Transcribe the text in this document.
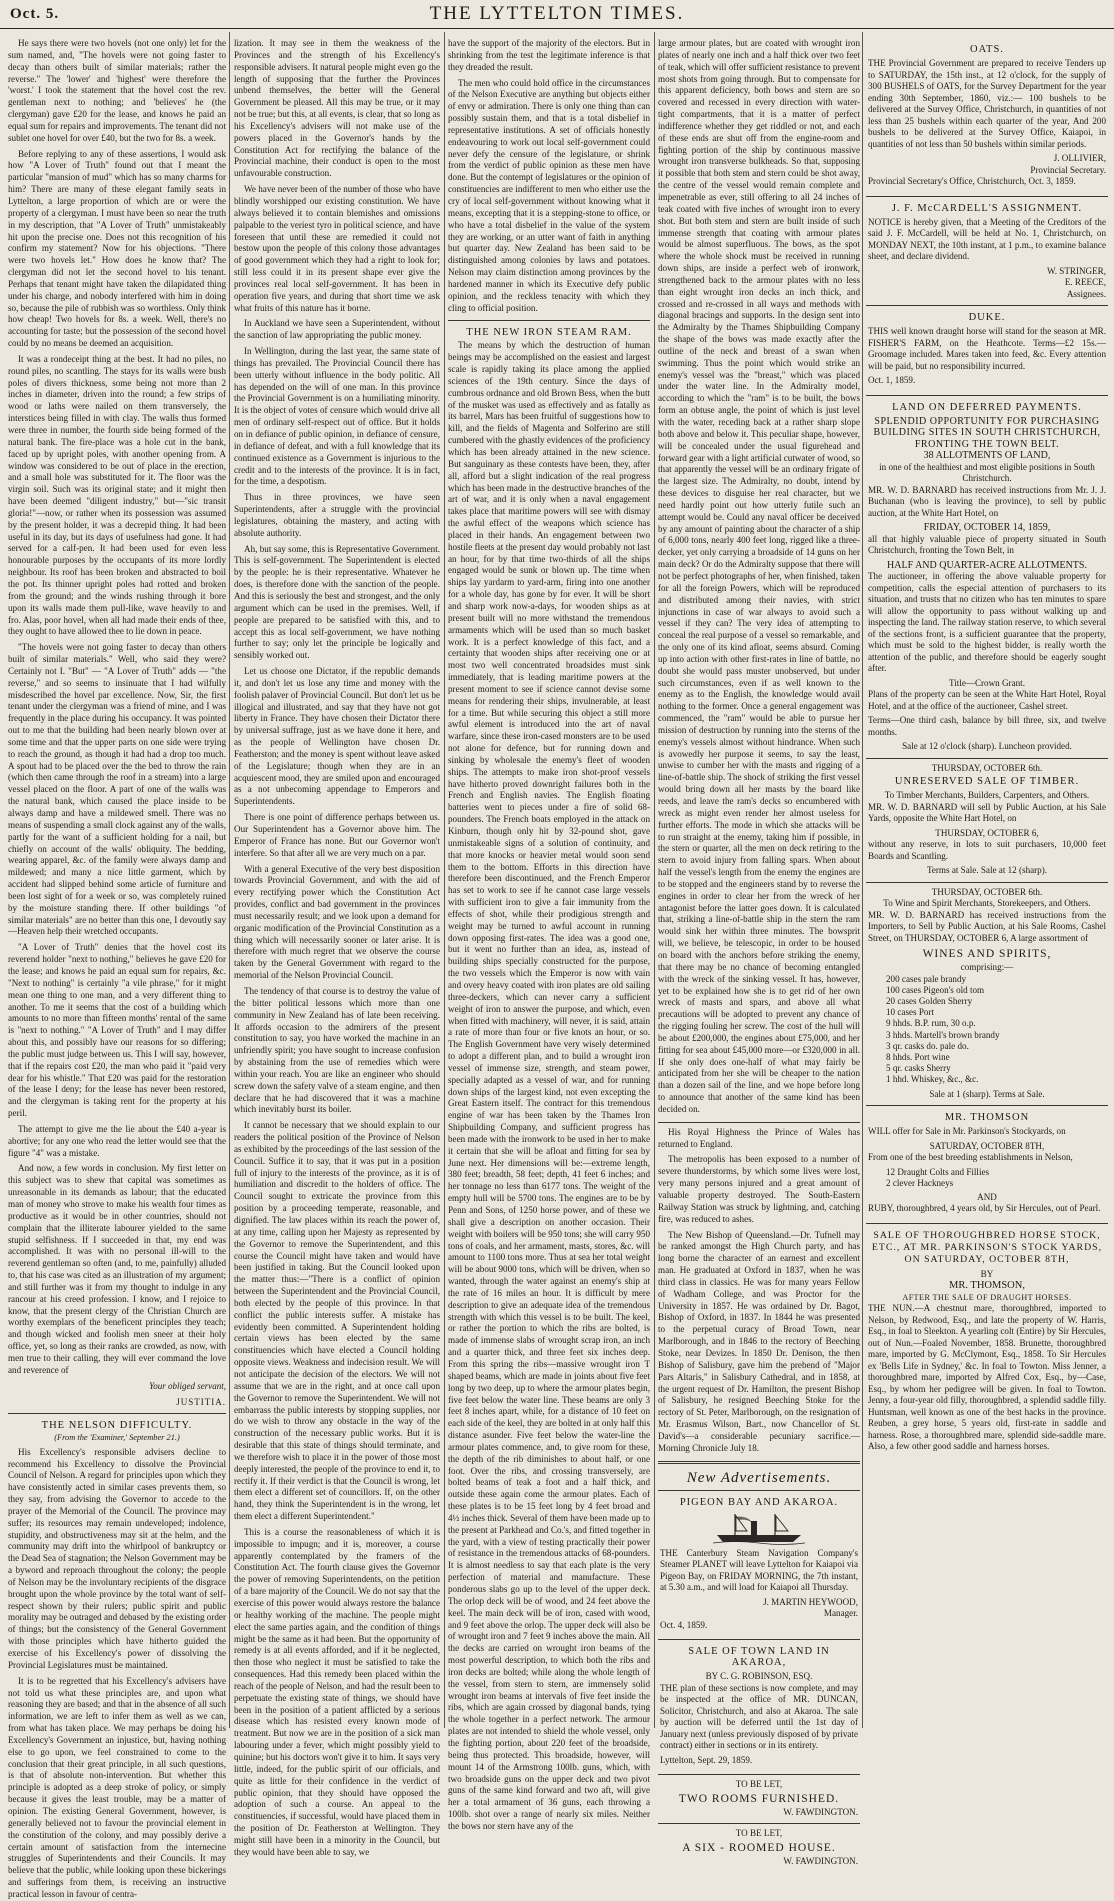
Oct. 5.	THE LYTTELTON TIMES.

He says there were two hovels (not one only) let for the sum named, and, "The hovels were not going faster to decay than others built of similar materials; rather the reverse." The 'lower' and 'highest' were therefore the 'worst.' I took the statement that the hovel cost the rev. gentleman next to nothing; and 'believes' he (the clergyman) gave £20 for the lease, and knows he paid an equal sum for repairs and improvements. The tenant did not sublet one hovel for over £40, but the two for 8s. a week.

Before replying to any of these assertions, I would ask how "A Lover of Truth" found out that I meant the particular "mansion of mud" which has so many charms for him? There are many of these elegant family seats in Lyttelton, a large proportion of which are or were the property of a clergyman. I must have been so near the truth in my description, that "A Lover of Truth" unmistakeably hit upon the precise one. Does not this recognition of his confirm my statement? Now for his objections. "There were two hovels let." How does he know that? The clergyman did not let the second hovel to his tenant. Perhaps that tenant might have taken the dilapidated thing under his charge, and nobody interfered with him in doing so, because the pile of rubbish was so worthless. Only think how cheap! Two hovels for 8s. a week. Well, there's no accounting for taste; but the possession of the second hovel could by no means be deemed an acquisition.

It was a rondeceipt thing at the best. It had no piles, no round piles, no scantling. The stays for its walls were bush poles of divers thickness, some being not more than 2 inches in diameter, driven into the round; a few strips of wood or laths were nailed on them transversely, the interstices being filled in with clay. The walls thus formed were three in number, the fourth side being formed of the natural bank. The fire-place was a hole cut in the bank, faced up by upright poles, with another opening from. A window was considered to be out of place in the erection, and a small hole was substituted for it. The floor was the virgin soil. Such was its original state; and it might then have been deemed "diligent industry," but—"sic transit gloria!"—now, or rather when its possession was assumed by the present holder, it was a decrepid thing. It had been useful in its day, but its days of usefulness had gone. It had served for a calf-pen. It had been used for even less honourable purposes by the occupants of its more lordly neighbour. Its roof has been broken and abstracted to boil the pot. Its thinner upright poles had rotted and broken from the ground; and the winds rushing through it bore upon its walls made them pull-like, wave heavily to and fro. Alas, poor hovel, when all had made their ends of thee, they ought to have allowed thee to lie down in peace.

"The hovels were not going faster to decay than others built of similar materials." Well, who said they were? Certainly not I. "But" — "A Lover of Truth" adds — "the reverse," and so seems to insinuate that I had wilfully misdescribed the hovel par excellence. Now, Sir, the first tenant under the clergyman was a friend of mine, and I was frequently in the place during his occupancy. It was pointed out to me that the building had been nearly blown over at some time and that the upper parts on one side were trying to reach the ground, as though it had had a drop too much. A spout had to be placed over the the bed to throw the rain (which then came through the roof in a stream) into a large vessel placed on the floor. A part of one of the walls was the natural bank, which caused the place inside to be always damp and have a mildewed smell. There was no means of suspending a small clock against any of the walls, partly for the want of a sufficient holding for a nail, but chiefly on account of the walls' obliquity. The bedding, wearing apparel, &c. of the family were always damp and mildewed; and many a nice little garment, which by accident had slipped behind some article of furniture and been lost sight of for a week or so, was completely ruined by the moisture standing there. If other buildings "of similar materials" are no better than this one, I devoutly say—Heaven help their wretched occupants.

"A Lover of Truth" denies that the hovel cost its reverend holder "next to nothing," believes he gave £20 for the lease; and knows he paid an equal sum for repairs, &c. "Next to nothing" is certainly "a vile phrase," for it might mean one thing to one man, and a very different thing to another. To me it seems that the cost of a building which amounts to no more than fifteen months' rental of the same is "next to nothing." "A Lover of Truth" and I may differ about this, and possibly have our reasons for so differing; the public must judge between us. This I will say, however, that if the repairs cost £20, the man who paid it "paid very dear for his whistle." That £20 was paid for the restoration of the lease I deny; for the lease has never been restored, and the clergyman is taking rent for the property at his peril.

The attempt to give me the lie about the £40 a-year is abortive; for any one who read the letter would see that the figure "4" was a mistake.

And now, a few words in conclusion. My first letter on this subject was to shew that capital was sometimes as unreasonable in its demands as labour; that the educated man of money who strove to make his wealth four times as productive as it would be in other countries, should not complain that the illiterate labourer yielded to the same stupid selfishness. If I succeeded in that, my end was accomplished. It was with no personal ill-will to the reverend gentleman so often (and, to me, painfully) alluded to, that his case was cited as an illustration of my argument; and still further was it from my thought to indulge in any rancour at his creed profession. I know, and I rejoice to know, that the present clergy of the Christian Church are worthy exemplars of the beneficent principles they teach; and though wicked and foolish men sneer at their holy office, yet, so long as their ranks are crowded, as now, with men true to their calling, they will ever command the love and reverence of

Your obliged servant,
JUSTITIA.
THE NELSON DIFFICULTY.
(From the 'Examiner,' September 21.)

His Excellency's responsible advisers decline to recommend his Excellency to dissolve the Provincial Council of Nelson. A regard for principles upon which they have consistently acted in similar cases prevents them, so they say, from advising the Governor to accede to the prayer of the Memorial of the Council. The province may suffer; its resources may remain undeveloped; indolence, stupidity, and obstructiveness may sit at the helm, and the community may drift into the whirlpool of bankruptcy or the Dead Sea of stagnation; the Nelson Government may be a byword and reproach throughout the colony; the people of Nelson may be the involuntary recipients of the disgrace brought upon the whole province by the total want of self-respect shown by their rulers; public spirit and public morality may be outraged and debased by the existing order of things; but the consistency of the General Government with those principles which have hitherto guided the exercise of his Excellency's power of dissolving the Provincial Legislatures must be maintained.

It is to be regretted that his Excellency's advisers have not told us what these principles are, and upon what reasoning they are based; and that in the absence of all such information, we are left to infer them as well as we can, from what has taken place. We may perhaps be doing his Excellency's Government an injustice, but, having nothing else to go upon, we feel constrained to come to the conclusion that their great principle, in all such questions, is that of absolute non-intervention. But whether this principle is adopted as a deep stroke of policy, or simply because it gives the least trouble, may be a matter of opinion. The existing General Government, however, is generally believed not to favour the provincial element in the constitution of the colony, and may possibly derive a certain amount of satisfaction from the internecine struggles of Superintendents and their Councils. It may believe that the public, while looking upon these bickerings and sufferings from them, is receiving an instructive practical lesson in favour of centra-

lization. It may see in them the weakness of the Provinces and the strength of his Excellency's responsible advisers. It natural people might even go the length of supposing that the further the Provinces unbend themselves, the better will the General Government be pleased. All this may be true, or it may not be true; but this, at all events, is clear, that so long as his Excellency's advisers will not make use of the powers placed in the Governor's hands by the Constitution Act for rectifying the balance of the Provincial machine, their conduct is open to the most unfavourable construction.

We have never been of the number of those who have blindly worshipped our existing constitution. We have always believed it to contain blemishes and omissions palpable to the veriest tyro in political science, and have foreseen that until these are remedied it could not bestow upon the people of this colony those advantages of good government which they had a right to look for; still less could it in its present shape ever give the provinces real local self-government. It has been in operation five years, and during that short time we ask what fruits of this nature has it borne.

In Auckland we have seen a Superintendent, without the sanction of law appropriating the public money.

In Wellington, during the last year, the same state of things has prevailed. The Provincial Council there has been utterly without influence in the body politic. All has depended on the will of one man. In this province the Provincial Government is on a humiliating minority. It is the object of votes of censure which would drive all men of ordinary self-respect out of office. But it holds on in defiance of public opinion, in defiance of censure, in defiance of defeat, and with a full knowledge that its continued existence as a Government is injurious to the credit and to the interests of the province. It is in fact, for the time, a despotism.

Thus in three provinces, we have seen Superintendents, after a struggle with the provincial legislatures, obtaining the mastery, and acting with absolute authority.

Ah, but say some, this is Representative Government. This is self-government. The Superintendent is elected by the people: he is their representative. Whatever he does, is therefore done with the sanction of the people. And this is seriously the best and strongest, and the only argument which can be used in the premises. Well, if people are prepared to be satisfied with this, and to accept this as local self-government, we have nothing further to say; only let the principle be logically and sensibly worked out.

Let us choose one Dictator, if the republic demands it, and don't let us lose any time and money with the foolish palaver of Provincial Council. But don't let us be illogical and illustrated, and say that they have not got liberty in France. They have chosen their Dictator there by universal suffrage, just as we have done it here, and as the people of Wellington have chosen Dr. Featherston; and the money is spent without leave asked of the Legislature; though when they are in an acquiescent mood, they are smiled upon and encouraged as a not unbecoming appendage to Emperors and Superintendents.

There is one point of difference perhaps between us. Our Superintendent has a Governor above him. The Emperor of France has none. But our Governor won't interfere. So that after all we are very much on a par.

With a general Executive of the very best disposition towards Provincial Government, and with the aid of every rectifying power which the Constitution Act provides, conflict and bad government in the provinces must necessarily result; and we look upon a demand for organic modification of the Provincial Constitution as a thing which will necessarily sooner or later arise. It is therefore with much regret that we observe the course taken by the General Government with regard to the memorial of the Nelson Provincial Council.

The tendency of that course is to destroy the value of the bitter political lessons which more than one community in New Zealand has of late been receiving. It affords occasion to the admirers of the present constitution to say, you have worked the machine in an unfriendly spirit; you have sought to increase confusion by abstaining from the use of remedies which were within your reach. You are like an engineer who should screw down the safety valve of a steam engine, and then declare that he had discovered that it was a machine which inevitably burst its boiler.

It cannot be necessary that we should explain to our readers the political position of the Province of Nelson as exhibited by the proceedings of the last session of the Council. Suffice it to say, that it was put in a position full of injury to the interests of the province, as it is of humiliation and discredit to the holders of office. The Council sought to extricate the province from this position by a proceeding temperate, reasonable, and dignified. The law places within its reach the power of, at any time, calling upon her Majesty as represented by the Governor to remove the Superintendent, and this course the Council might have taken and would have been justified in taking. But the Council looked upon the matter thus:—"There is a conflict of opinion between the Superintendent and the Provincial Council, both elected by the people of this province. In that conflict the public interests suffer. A mistake has evidently been committed. A Superintendent holding certain views has been elected by the same constituencies which have elected a Council holding opposite views. Weakness and indecision result. We will not anticipate the decision of the electors. We will not assume that we are in the right, and at once call upon the Governor to remove the Superintendent. We will not embarrass the public interests by stopping supplies, nor do we wish to throw any obstacle in the way of the construction of the necessary public works. But it is desirable that this state of things should terminate, and we therefore wish to place it in the power of those most deeply interested, the people of the province to end it, to rectify it. If their verdict is that the Council is wrong, let them elect a different set of councillors. If, on the other hand, they think the Superintendent is in the wrong, let them elect a different Superintendent."

This is a course the reasonableness of which it is impossible to impugn; and it is, moreover, a course apparently contemplated by the framers of the Constitution Act. The fourth clause gives the Governor the power of removing Superintendents, on the petition of a bare majority of the Council. We do not say that the exercise of this power would always restore the balance or healthy working of the machine. The people might elect the same parties again, and the condition of things might be the same as it had been. But the opportunity of remedy is at all events afforded, and if it be neglected, then those who neglect it must be satisfied to take the consequences. Had this remedy been placed within the reach of the people of Nelson, and had the result been to perpetuate the existing state of things, we should have been in the position of a patient afflicted by a serious disease which has resisted every known mode of treatment. But now we are in the position of a sick man labouring under a fever, which might possibly yield to quinine; but his doctors won't give it to him. It says very little, indeed, for the public spirit of our officials, and quite as little for their confidence in the verdict of public opinion, that they should have opposed the adoption of such a course. An appeal to the constituencies, if successful, would have placed them in the position of Dr. Featherston at Wellington. They might still have been in a minority in the Council, but they would have been able to say, we

have the support of the majority of the electors. But in shrinking from the test the legitimate inference is that they dreaded the result.

The men who could hold office in the circumstances of the Nelson Executive are anything but objects either of envy or admiration. There is only one thing than can possibly sustain them, and that is a total disbelief in representative institutions. A set of officials honestly endeavouring to work out local self-government could never defy the censure of the legislature, or shrink from the verdict of public opinion as these men have done. But the contempt of legislatures or the opinion of constituencies are indifferent to men who either use the cry of local self-government without knowing what it means, excepting that it is a stepping-stone to office, or who have a total disbelief in the value of the system they are working, or an utter want of faith in anything but quarter day. New Zealand has been said to be distinguished among colonies by laws and potatoes. Nelson may claim distinction among provinces by the hardened manner in which its Executive defy public opinion, and the reckless tenacity with which they cling to official position.

THE NEW IRON STEAM RAM.

The means by which the destruction of human beings may be accomplished on the easiest and largest scale is rapidly taking its place among the applied sciences of the 19th century. Since the days of cumbrous ordnance and old Brown Bess, when the butt of the musket was used as effectively and as fatally as its barrel, Mars has been fruitful of suggestions how to kill, and the fields of Magenta and Solferino are still cumbered with the ghastly evidences of the proficiency which has been already attained in the new science. But sanguinary as these contests have been, they, after all, afford but a slight indication of the real progress which has been made in the destructive branches of the art of war, and it is only when a naval engagement takes place that maritime powers will see with dismay the awful effect of the weapons which science has placed in their hands. An engagement between two hostile fleets at the present day would probably not last an hour, for by that time two-thirds of all the ships engaged would be sunk or blown up. The time when ships lay yardarm to yard-arm, firing into one another for a whole day, has gone by for ever. It will be short and sharp work now-a-days, for wooden ships as at present built will no more withstand the tremendous armaments which will be used than so much basket work. It is a perfect knowledge of this fact, and a certainty that wooden ships after receiving one or at most two well concentrated broadsides must sink immediately, that is leading maritime powers at the present moment to see if science cannot devise some means for rendering their ships, invulnerable, at least for a time. But while securing this object a still more awful element is introduced into the art of naval warfare, since these iron-cased monsters are to be used not alone for defence, but for running down and sinking by wholesale the enemy's fleet of wooden ships. The attempts to make iron shot-proof vessels have hitherto proved downright failures both in the French and English navies. The English floating batteries went to pieces under a fire of solid 68-pounders. The French boats employed in the attack on Kinburn, though only hit by 32-pound shot, gave unmistakeable signs of a solution of continuity, and that more knocks or heavier metal would soon send them to the bottom. Efforts in this direction have therefore been discontinued, and the French Emperor has set to work to see if he cannot case large vessels with sufficient iron to give a fair immunity from the effects of shot, while their prodigious strength and weight may be turned to awful account in running down opposing first-rates. The idea was a good one, but it went no further than an idea, as, instead of building ships specially constructed for the purpose, the two vessels which the Emperor is now with vain and overy heavy coated with iron plates are old sailing three-deckers, which can never carry a sufficient weight of iron to answer the purpose, and which, even when fitted with machinery, will never, it is said, attain a rate of more than four or five knots an hour, or so. The English Government have very wisely determined to adopt a different plan, and to build a wrought iron vessel of immense size, strength, and steam power, specially adapted as a vessel of war, and for running down ships of the largest kind, not even excepting the Great Eastern itself. The contract for this tremendous engine of war has been taken by the Thames Iron Shipbuilding Company, and sufficient progress has been made with the ironwork to be used in her to make it certain that she will be afloat and fitting for sea by June next. Her dimensions will be:—extreme length, 380 feet; breadth, 58 feet; depth, 41 feet 6 inches; and her tonnage no less than 6177 tons. The weight of the empty hull will be 5700 tons. The engines are to be by Penn and Sons, of 1250 horse power, and of these we shall give a description on another occasion. Their weight with boilers will be 950 tons; she will carry 950 tons of coals, and her armament, masts, stores, &c. will amount to 1100 tons more. Thus at sea her total weight will be about 9000 tons, which will be driven, when so wanted, through the water against an enemy's ship at the rate of 16 miles an hour. It is difficult by mere description to give an adequate idea of the tremendous strength with which this vessel is to be built. The keel, or rather the portion to which the ribs are bolted, is made of immense slabs of wrought scrap iron, an inch and a quarter thick, and three feet six inches deep. From this spring the ribs—massive wrought iron T shaped beams, which are made in joints about five feet long by two deep, up to where the armour plates begin, five feet below the water line. These beams are only 3 feet 8 inches apart, while, for a distance of 10 feet on each side of the keel, they are bolted in at only half this distance asunder. Five feet below the water-line the armour plates commence, and, to give room for these, the depth of the rib diminishes to about half, or one foot. Over the ribs, and crossing transversely, are bolted beams of teak a foot and a half thick, and outside these again come the armour plates. Each of these plates is to be 15 feet long by 4 feet broad and 4½ inches thick. Several of them have been made up to the present at Parkhead and Co.'s, and fitted together in the yard, with a view of testing practically their power of resistance in the tremendous attacks of 68-pounders. It is almost needless to say that each plate is the very perfection of material and manufacture. These ponderous slabs go up to the level of the upper deck. The orlop deck will be of wood, and 24 feet above the keel. The main deck will be of iron, cased with wood, and 9 feet above the orlop. The upper deck will also be of wrought iron and 7 feet 9 inches above the main. All the decks are carried on wrought iron beams of the most powerful description, to which both the ribs and iron decks are bolted; while along the whole length of the vessel, from stern to stern, are immensely solid wrought iron beams at intervals of five feet inside the ribs, which are again crossed by diagonal bands, tying the whole together in a perfect network. The armour plates are not intended to shield the whole vessel, only the fighting portion, about 220 feet of the broadside, being thus protected. This broadside, however, will mount 14 of the Armstrong 100lb. guns, which, with two broadside guns on the upper deck and two pivot guns of the same kind forward and two aft, will give her a total armament of 36 guns, each throwing a 100lb. shot over a range of nearly six miles. Neither the bows nor stern have any of the

large armour plates, but are coated with wrought iron plates of nearly one inch and a half thick over two feet of teak, which will offer sufficient resistance to prevent most shots from going through. But to compensate for this apparent deficiency, both bows and stern are so covered and recessed in every direction with water-tight compartments, that it is a matter of perfect indifference whether they get riddled or not, and each of these ends are shut off from the engine-room and fighting portion of the ship by continuous massive wrought iron transverse bulkheads. So that, supposing it possible that both stem and stern could be shot away, the centre of the vessel would remain complete and impenetrable as ever, still offering to all 24 inches of teak coated with five inches of wrought iron to every shot. But both stem and stern are built inside of such immense strength that coating with armour plates would be almost superfluous. The bows, as the spot where the whole shock must be received in running down ships, are inside a perfect web of ironwork, strengthened back to the armour plates with no less than eight wrought iron decks an inch thick, and crossed and re-crossed in all ways and methods with diagonal bracings and supports. In the design sent into the Admiralty by the Thames Shipbuilding Company the shape of the bows was made exactly after the outline of the neck and breast of a swan when swimming. Thus the point which would strike an enemy's vessel was the "breast," which was placed under the water line. In the Admiralty model, according to which the "ram" is to be built, the bows form an obtuse angle, the point of which is just level with the water, receding back at a rather sharp slope both above and below it. This peculiar shape, however, will be concealed under the usual figurehead and forward gear with a light artificial cutwater of wood, so that apparently the vessel will be an ordinary frigate of the largest size. The Admiralty, no doubt, intend by these devices to disguise her real character, but we need hardly point out how utterly futile such an attempt would be. Could any naval officer be deceived by any amount of painting about the character of a ship of 6,000 tons, nearly 400 feet long, rigged like a three-decker, yet only carrying a broadside of 14 guns on her main deck? Or do the Admiralty suppose that there will not be perfect photographs of her, when finished, taken for all the foreign Powers, which will be reproduced and distributed among their navies, with strict injunctions in case of war always to avoid such a vessel if they can? The very idea of attempting to conceal the real purpose of a vessel so remarkable, and the only one of its kind afloat, seems absurd. Coming up into action with other first-rates in line of battle, no doubt she would pass muster unobserved, but under such circumstances, even if as well known to the enemy as to the English, the knowledge would avail nothing to the former. Once a general engagement was commenced, the "ram" would be able to pursue her mission of destruction by running into the sterns of the enemy's vessels almost without hindrance. When such is avowedly her purpose it seems, to say the least, unwise to cumber her with the masts and rigging of a line-of-battle ship. The shock of striking the first vessel would bring down all her masts by the board like reeds, and leave the ram's decks so encumbered with wreck as might even render her almost useless for further efforts. The mode in which she attacks will be to run straight at the enemy, taking him if possible, in the stern or quarter, all the men on deck retiring to the stern to avoid injury from falling spars. When about half the vessel's length from the enemy the engines are to be stopped and the engineers stand by to reverse the engines in order to clear her from the wreck of her antagonist before the latter goes down. It is calculated that, striking a line-of-battle ship in the stern the ram would sink her within three minutes. The bowsprit will, we believe, be telescopic, in order to be housed on board with the anchors before striking the enemy, that there may be no chance of becoming entangled with the wreck of the sinking vessel. It has, however, yet to be explained how she is to get rid of her own wreck of masts and spars, and above all what precautions will be adopted to prevent any chance of the rigging fouling her screw. The cost of the hull will be about £200,000, the engines about £75,000, and her fitting for sea about £45,000 more—or £320,000 in all. If she only does one-half of what may fairly be anticipated from her she will be cheaper to the nation than a dozen sail of the line, and we hope before long to announce that another of the same kind has been decided on.

His Royal Highness the Prince of Wales has returned to England.

The metropolis has been exposed to a number of severe thunderstorms, by which some lives were lost, very many persons injured and a great amount of valuable property destroyed. The South-Eastern Railway Station was struck by lightning, and, catching fire, was reduced to ashes.

The New Bishop of Queensland.—Dr. Tufnell may be ranked amongst the High Church party, and has long borne the character of an earnest and excellent man. He graduated at Oxford in 1837, when he was third class in classics. He was for many years Fellow of Wadham College, and was Proctor for the University in 1857. He was ordained by Dr. Bagot, Bishop of Oxford, in 1837. In 1844 he was presented to the perpetual curacy of Broad Town, near Marlborough, and in 1846 to the rectory of Beeching Stoke, near Devizes. In 1850 Dr. Denison, the then Bishop of Salisbury, gave him the prebend of "Major Pars Altaris," in Salisbury Cathedral, and in 1858, at the urgent request of Dr. Hamilton, the present Bishop of Salisbury, he resigned Beeching Stoke for the rectory of St. Peter, Marlborough, on the resignation of Mr. Erasmus Wilson, Bart., now Chancellor of St. David's—a considerable pecuniary sacrifice.—Morning Chronicle July 18.

New Advertisements.
PIGEON BAY AND AKAROA.

THE Canterbury Steam Navigation Company's Steamer PLANET will leave Lyttelton for Kaiapoi via Pigeon Bay, on FRIDAY MORNING, the 7th instant, at 5.30 a.m., and will load for Kaiapoi all Thursday.

J. MARTIN HEYWOOD,

Manager.

Oct. 4, 1859.

SALE OF TOWN LAND IN AKAROA,

BY C. G. ROBINSON, ESQ.

THE plan of these sections is now complete, and may be inspected at the office of MR. DUNCAN, Solicitor, Christchurch, and also at Akaroa. The sale by auction will be deferred until the 1st day of January next (unless previously disposed of by private contract) either in sections or in its entirety.

Lyttelton, Sept. 29, 1859.

TO BE LET,

TWO ROOMS FURNISHED.

W. FAWDINGTON.

TO BE LET,

A SIX - ROOMED HOUSE.

W. FAWDINGTON.

OATS.

THE Provincial Government are prepared to receive Tenders up to SATURDAY, the 15th inst., at 12 o'clock, for the supply of 300 BUSHELS of OATS, for the Survey Department for the year ending 30th September, 1860, viz.:— 100 bushels to be delivered at the Survey Office, Christchurch, in quantities of not less than 25 bushels within each quarter of the year, And 200 bushels to be delivered at the Survey Office, Kaiapoi, in quantities of not less than 50 bushels within similar periods.

J. OLLIVIER,

Provincial Secretary.

Provincial Secretary's Office, Christchurch, Oct. 3, 1859.

J. F. McCARDELL'S ASSIGNMENT.

NOTICE is hereby given, that a Meeting of the Creditors of the said J. F. McCardell, will be held at No. 1, Christchurch, on MONDAY NEXT, the 10th instant, at 1 p.m., to examine balance sheet, and declare dividend.

W. STRINGER,

E. REECE,

Assignees.

DUKE.

THIS well known draught horse will stand for the season at MR. FISHER'S FARM, on the Heathcote. Terms—£2 15s.—Groomage included. Mares taken into feed, &c. Every attention will be paid, but no responsibility incurred.

Oct. 1, 1859.

LAND ON DEFERRED PAYMENTS.

SPLENDID OPPORTUNITY FOR PURCHASING BUILDING SITES IN SOUTH CHRISTCHURCH, FRONTING THE TOWN BELT.

38 ALLOTMENTS OF LAND,

in one of the healthiest and most eligible positions in South Christchurch.

MR. W. D. BARNARD has received instructions from Mr. J. J. Buchanan (who is leaving the province), to sell by public auction, at the White Hart Hotel, on

FRIDAY, OCTOBER 14, 1859,

all that highly valuable piece of property situated in South Christchurch, fronting the Town Belt, in

HALF AND QUARTER-ACRE ALLOTMENTS.

The auctioneer, in offering the above valuable property for competition, calls the especial attention of purchasers to its situation, and trusts that no citizen who has ten minutes to spare will allow the opportunity to pass without walking up and inspecting the land. The railway station reserve, to which several of the sections front, is a sufficient guarantee that the property, which must be sold to the highest bidder, is really worth the attention of the public, and therefore should be eagerly sought after.

Title—Crown Grant.

Plans of the property can be seen at the White Hart Hotel, Royal Hotel, and at the office of the auctioneer, Cashel street.

Terms—One third cash, balance by bill three, six, and twelve months.

Sale at 12 o'clock (sharp). Luncheon provided.

THURSDAY, OCTOBER 6th.

UNRESERVED SALE OF TIMBER.

To Timber Merchants, Builders, Carpenters, and Others.

MR. W. D. BARNARD will sell by Public Auction, at his Sale Yards, opposite the White Hart Hotel, on

THURSDAY, OCTOBER 6,

without any reserve, in lots to suit purchasers, 10,000 feet Boards and Scantling.

Terms at Sale. Sale at 12 (sharp).

THURSDAY, OCTOBER 6th.

To Wine and Spirit Merchants, Storekeepers, and Others.

MR. W. D. BARNARD has received instructions from the Importers, to Sell by Public Auction, at his Sale Rooms, Cashel Street, on THURSDAY, OCTOBER 6, A large assortment of

WINES AND SPIRITS,

comprising:—

200 cases pale brandy
100 cases Pigeon's old tom
20 cases Golden Sherry
10 cases Port
9 hhds. B.P. rum, 30 o.p.
3 hhds. Martell's brown brandy
3 qr. casks do. pale do.
8 hhds. Port wine
5 qr. casks Sherry
1 hhd. Whiskey, &c., &c.

Sale at 1 (sharp). Terms at Sale.

MR. THOMSON

WILL offer for Sale in Mr. Parkinson's Stockyards, on

SATURDAY, OCTOBER 8TH,

From one of the best breeding establishments in Nelson,

12 Draught Colts and Fillies
2 clever Hackneys

AND

RUBY, thoroughbred, 4 years old, by Sir Hercules, out of Pearl.

SALE OF THOROUGHBRED HORSE STOCK, ETC., AT MR. PARKINSON'S STOCK YARDS, ON SATURDAY, OCTOBER 8TH,

BY

MR. THOMSON,

AFTER THE SALE OF DRAUGHT HORSES.

THE NUN.—A chestnut mare, thoroughbred, imported to Nelson, by Redwood, Esq., and late the property of W. Harris, Esq., in foal to Sleekton. A yearling colt (Entire) by Sir Hercules, out of Nun.—Foaled November, 1858. Brunette, thoroughbred mare, imported by G. McClymont, Esq., 1858. To Sir Hercules ex 'Bells Life in Sydney,' &c. In foal to Towton. Miss Jenner, a thoroughbred mare, imported by Alfred Cox, Esq., by—Case, Esq., by whom her pedigree will be given. In foal to Towton. Jenny, a four-year old filly, thoroughbred, a splendid saddle filly. Huntsman, well known as one of the best hacks in the province. Reuben, a grey horse, 5 years old, first-rate in saddle and harness. Rose, a thoroughbred mare, splendid side-saddle mare. Also, a few other good saddle and harness horses.
